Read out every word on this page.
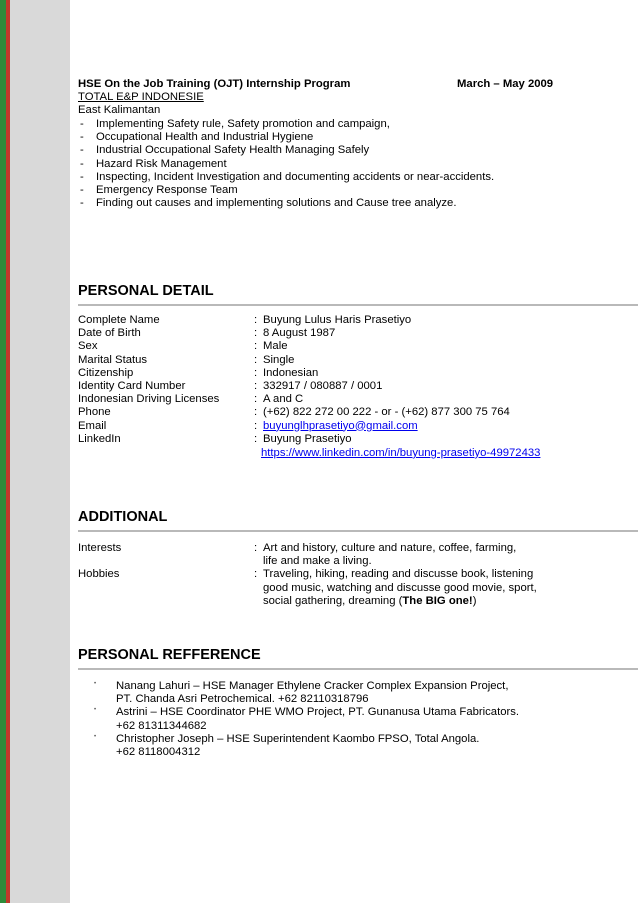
HSE On the Job Training (OJT) Internship Program	March – May 2009
TOTAL E&P INDONESIE
East Kalimantan
- Implementing Safety rule, Safety promotion and campaign,
- Occupational Health and Industrial Hygiene
- Industrial Occupational Safety Health Managing Safely
- Hazard Risk Management
- Inspecting, Incident Investigation and documenting accidents or near-accidents.
- Emergency Response Team
- Finding out causes and implementing solutions and Cause tree analyze.
PERSONAL DETAIL
Complete Name	: Buyung Lulus Haris Prasetiyo
Date of Birth	: 8 August 1987
Sex	: Male
Marital Status	: Single
Citizenship	: Indonesian
Identity Card Number	: 332917 / 080887 / 0001
Indonesian Driving Licenses	: A and C
Phone	: (+62) 822 272 00 222 - or - (+62) 877 300 75 764
Email	: buyunglhprasetiyo@gmail.com
LinkedIn	: Buyung Prasetiyo
https://www.linkedin.com/in/buyung-prasetiyo-49972433
ADDITIONAL
Interests	: Art and history, culture and nature, coffee, farming,
life and make a living.
Hobbies	: Traveling, hiking, reading and discusse book, listening
good music, watching and discusse good movie, sport,
social gathering, dreaming (The BIG one!)
PERSONAL REFFERENCE
• Nanang Lahuri – HSE Manager Ethylene Cracker Complex Expansion Project,
PT. Chanda Asri Petrochemical. +62 82110318796
• Astrini – HSE Coordinator PHE WMO Project, PT. Gunanusa Utama Fabricators.
+62 81311344682
• Christopher Joseph – HSE Superintendent Kaombo FPSO, Total Angola.
+62 8118004312
